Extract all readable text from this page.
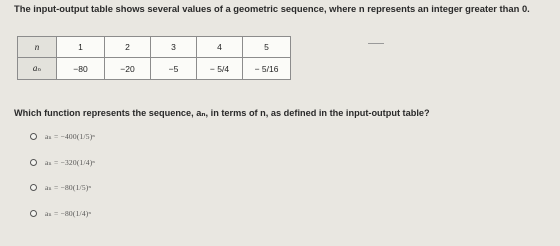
The input-output table shows several values of a geometric sequence, where n represents an integer greater than 0.
n	1	2	3	4	5
aₙ	−80	−20	−5	− 5/4	− 5/16
Which function represents the sequence, aₙ, in terms of n, as defined in the input-output table?
aₙ = −400(1/5)ⁿ
aₙ = −320(1/4)ⁿ
aₙ = −80(1/5)ⁿ
aₙ = −80(1/4)ⁿ
